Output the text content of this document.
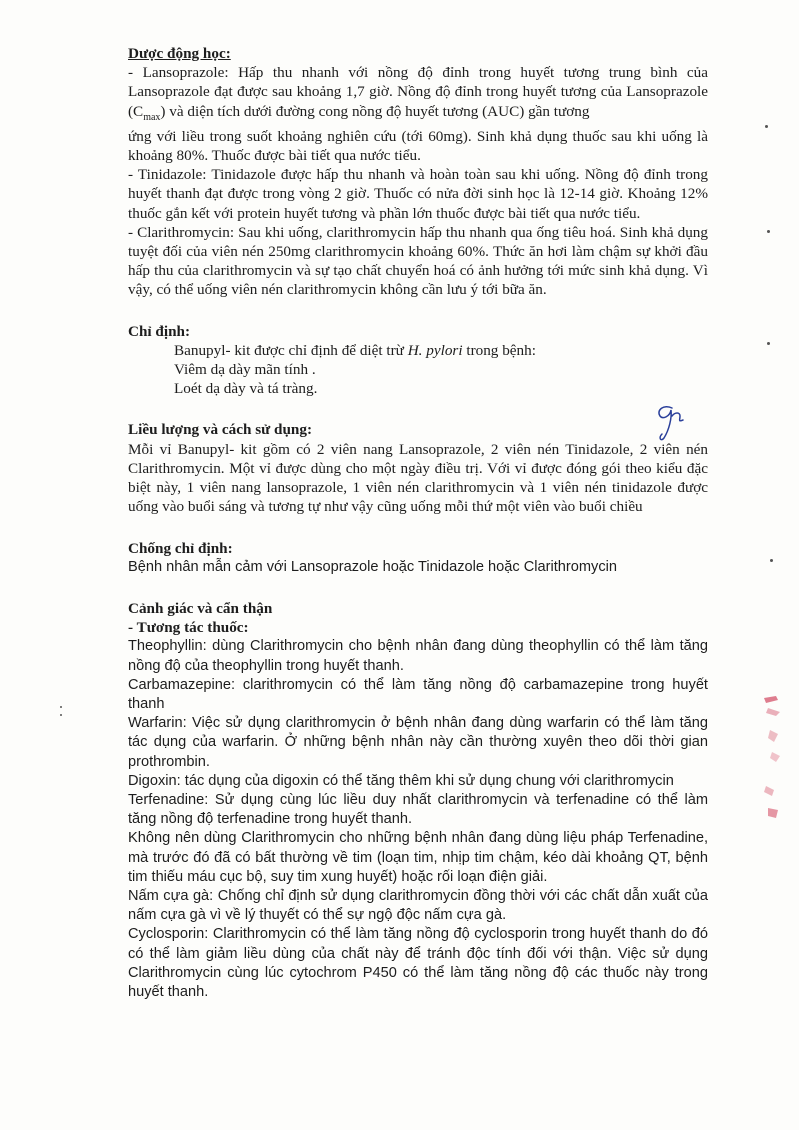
Dược động học:

- Lansoprazole: Hấp thu nhanh với nồng độ đỉnh trong huyết tương trung bình của Lansoprazole đạt được sau khoảng 1,7 giờ. Nồng độ đỉnh trong huyết tương của Lansoprazole $(C_{max})$ và diện tích dưới đường cong nồng độ huyết tương (AUC) gần tương

ứng với liều trong suốt khoảng nghiên cứu (tới 60mg). Sinh khả dụng thuốc sau khi uống là khoảng 80%. Thuốc được bài tiết qua nước tiểu.

- Tinidazole: Tinidazole được hấp thu nhanh và hoàn toàn sau khi uống. Nồng độ đỉnh trong huyết thanh đạt được trong vòng 2 giờ. Thuốc có nửa đời sinh học là 12-14 giờ. Khoảng 12% thuốc gắn kết với protein huyết tương và phần lớn thuốc được bài tiết qua nước tiểu.

- Clarithromycin: Sau khi uống, clarithromycin hấp thu nhanh qua ống tiêu hoá. Sinh khả dụng tuyệt đối của viên nén 250mg clarithromycin khoảng 60%. Thức ăn hơi làm chậm sự khởi đầu hấp thu của clarithromycin và sự tạo chất chuyển hoá có ảnh hưởng tới mức sinh khả dụng. Vì vậy, có thể uống viên nén clarithromycin không cần lưu ý tới bữa ăn.

Chỉ định:

Banupyl- kit được chỉ định để diệt trừ H. pylori trong bệnh:

Viêm dạ dày mãn tính .

Loét dạ dày và tá tràng.

Liều lượng và cách sử dụng:

Mỗi vỉ Banupyl- kit gồm có 2 viên nang Lansoprazole, 2 viên nén Tinidazole, 2 viên nén Clarithromycin. Một vỉ được dùng cho một ngày điều trị. Với vỉ được đóng gói theo kiểu đặc biệt này, 1 viên nang lansoprazole, 1 viên nén clarithromycin và 1 viên nén tinidazole được uống vào buổi sáng và tương tự như vậy cũng uống mỗi thứ một viên vào buổi chiều

Chống chỉ định:

Bệnh nhân mẫn cảm với Lansoprazole hoặc Tinidazole hoặc Clarithromycin

Cảnh giác và cẩn thận

- Tương tác thuốc:

Theophyllin: dùng Clarithromycin cho bệnh nhân đang dùng theophyllin có thể làm tăng nồng độ của theophyllin trong huyết thanh.

Carbamazepine: clarithromycin có thể làm tăng nồng độ carbamazepine trong huyết thanh

Warfarin: Việc sử dụng clarithromycin ở bệnh nhân đang dùng warfarin có thể làm tăng tác dụng của warfarin. Ở những bệnh nhân này cần thường xuyên theo dõi thời gian prothrombin.

Digoxin: tác dụng của digoxin có thể tăng thêm khi sử dụng chung với clarithromycin

Terfenadine: Sử dụng cùng lúc liều duy nhất clarithromycin và terfenadine có thể làm tăng nồng độ terfenadine trong huyết thanh.

Không nên dùng Clarithromycin cho những bệnh nhân đang dùng liệu pháp Terfenadine, mà trước đó đã có bất thường về tim (loạn tim, nhịp tim chậm, kéo dài khoảng QT, bệnh tim thiếu máu cục bộ, suy tim xung huyết) hoặc rối loạn điện giải.

Nấm cựa gà: Chống chỉ định sử dụng clarithromycin đồng thời với các chất dẫn xuất của nấm cựa gà vì về lý thuyết có thể sự ngộ độc nấm cựa gà.

Cyclosporin: Clarithromycin có thể làm tăng nồng độ cyclosporin trong huyết thanh do đó có thể làm giảm liều dùng của chất này để tránh độc tính đối với thận. Việc sử dụng Clarithromycin cùng lúc cytochrom P450 có thể làm tăng nồng độ các thuốc này trong huyết thanh.
